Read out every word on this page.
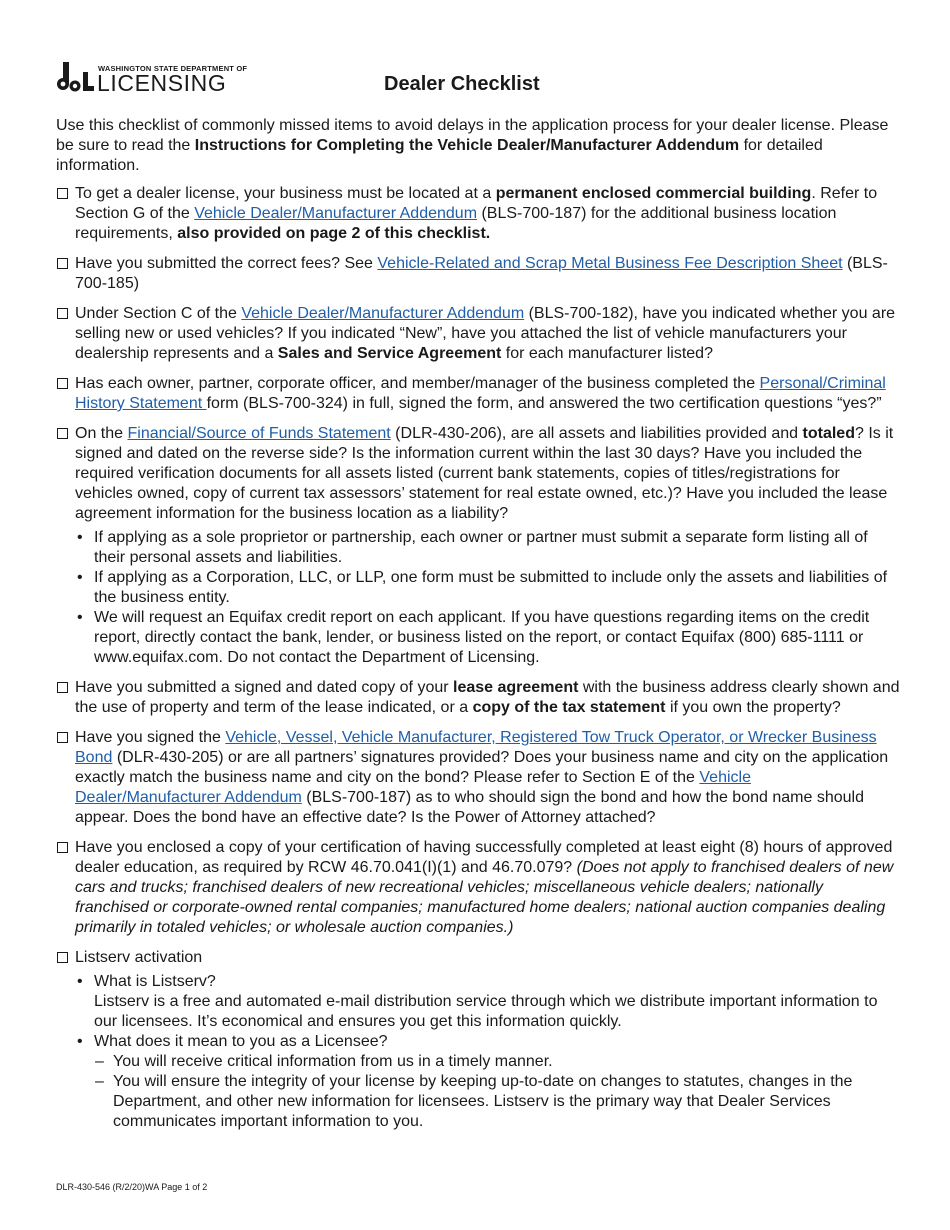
WASHINGTON STATE DEPARTMENT OF
LICENSING	Dealer Checklist
Use this checklist of commonly missed items to avoid delays in the application process for your dealer license. Please be sure to read the Instructions for Completing the Vehicle Dealer/Manufacturer Addendum for detailed information.
To get a dealer license, your business must be located at a permanent enclosed commercial building. Refer to Section G of the Vehicle Dealer/Manufacturer Addendum (BLS-700-187) for the additional business location requirements, also provided on page 2 of this checklist.
Have you submitted the correct fees? See Vehicle-Related and Scrap Metal Business Fee Description Sheet (BLS-700-185)
Under Section C of the Vehicle Dealer/Manufacturer Addendum (BLS-700-182), have you indicated whether you are selling new or used vehicles? If you indicated “New”, have you attached the list of vehicle manufacturers your dealership represents and a Sales and Service Agreement for each manufacturer listed?
Has each owner, partner, corporate officer, and member/manager of the business completed the Personal/Criminal History Statement form (BLS-700-324) in full, signed the form, and answered the two certification questions “yes?”
On the Financial/Source of Funds Statement (DLR-430-206), are all assets and liabilities provided and totaled? Is it signed and dated on the reverse side? Is the information current within the last 30 days? Have you included the required verification documents for all assets listed (current bank statements, copies of titles/registrations for vehicles owned, copy of current tax assessors’ statement for real estate owned, etc.)? Have you included the lease agreement information for the business location as a liability?
• If applying as a sole proprietor or partnership, each owner or partner must submit a separate form listing all of their personal assets and liabilities.
• If applying as a Corporation, LLC, or LLP, one form must be submitted to include only the assets and liabilities of the business entity.
• We will request an Equifax credit report on each applicant. If you have questions regarding items on the credit report, directly contact the bank, lender, or business listed on the report, or contact Equifax (800) 685-1111 or www.equifax.com. Do not contact the Department of Licensing.
Have you submitted a signed and dated copy of your lease agreement with the business address clearly shown and the use of property and term of the lease indicated, or a copy of the tax statement if you own the property?
Have you signed the Vehicle, Vessel, Vehicle Manufacturer, Registered Tow Truck Operator, or Wrecker Business Bond (DLR-430-205) or are all partners’ signatures provided? Does your business name and city on the application exactly match the business name and city on the bond? Please refer to Section E of the Vehicle Dealer/Manufacturer Addendum (BLS-700-187) as to who should sign the bond and how the bond name should appear. Does the bond have an effective date? Is the Power of Attorney attached?
Have you enclosed a copy of your certification of having successfully completed at least eight (8) hours of approved dealer education, as required by RCW 46.70.041(I)(1) and 46.70.079? (Does not apply to franchised dealers of new cars and trucks; franchised dealers of new recreational vehicles; miscellaneous vehicle dealers; nationally franchised or corporate-owned rental companies; manufactured home dealers; national auction companies dealing primarily in totaled vehicles; or wholesale auction companies.)
Listserv activation
• What is Listserv?
Listserv is a free and automated e-mail distribution service through which we distribute important information to our licensees. It’s economical and ensures you get this information quickly.
• What does it mean to you as a Licensee?
– You will receive critical information from us in a timely manner.
– You will ensure the integrity of your license by keeping up-to-date on changes to statutes, changes in the Department, and other new information for licensees. Listserv is the primary way that Dealer Services communicates important information to you.
DLR-430-546 (R/2/20)WA Page 1 of 2
